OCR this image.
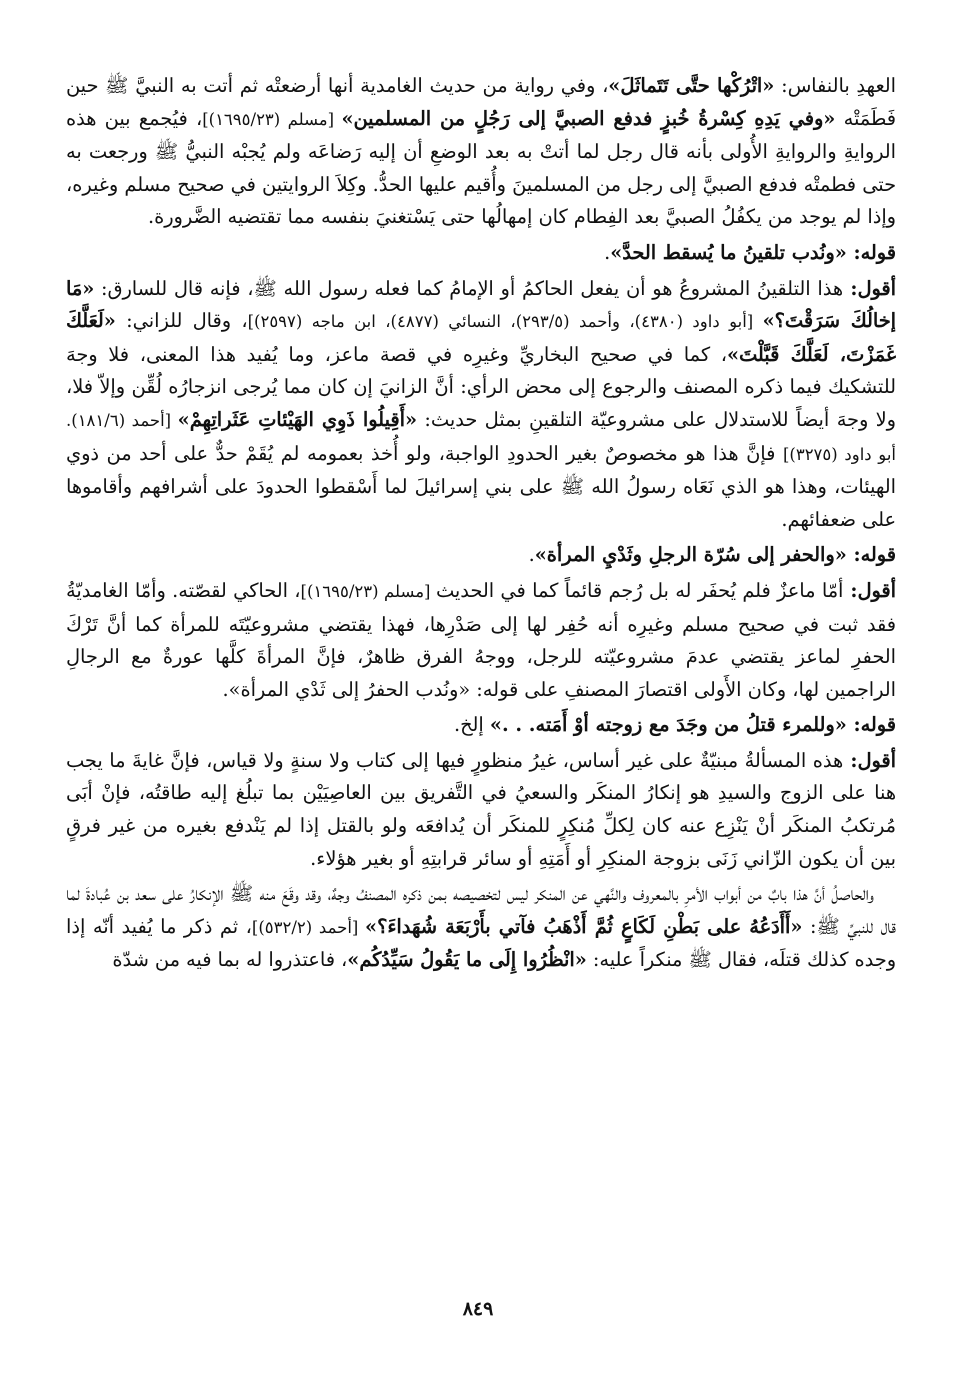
العهدِ بالنفاس: «اتْرُكْها حتَّى تَتَماثَلَ»، وفي رواية من حديث الغامدية أنها أرضعتْه ثم أتت به النبيَّ ﷺ حين فَطَمَتْه «وفي يَدِهِ كِسْرةُ خُبزٍ فدفع الصبيَّ إلى رَجُلٍ من المسلمين» [مسلم (١٦٩٥/٢٣)]، فيُجمع بين هذه الروايةِ والروايةِ الأُولى بأنه قال رجل لما أتتْ به بعد الوضعِ أن إليه رَضاعَه ولم يُجبْه النبيُّ ﷺ ورجعت به حتى فطمتْه فدفع الصبيَّ إلى رجل من المسلمينَ وأُقيم عليها الحدُّ. وكِلاَ الروايتين في صحيح مسلم وغيره، وإذا لم يوجد من يكفُلُ الصبيَّ بعد الفِطام كان إمهالُها حتى يَسْتغنيَ بنفسه مما تقتضيه الضَّرورة.

قوله: «ونُدب تلقينُ ما يُسقط الحدَّ».

أقول: هذا التلقينُ المشروعُ هو أن يفعل الحاكمُ أو الإمامُ كما فعله رسول الله ﷺ، فإنه قال للسارق: «مَا إخالُكَ سَرَقْتَ؟» [أبو داود (٤٣٨٠)، وأحمد (٢٩٣/٥)، النسائي (٤٨٧٧)، ابن ماجه (٢٥٩٧)]، وقال للزاني: «لَعَلَّكَ غَمَزْتَ، لَعَلَّكَ قَبَّلْتَ»، كما في صحيح البخاريِّ وغيرِه في قصة ماعز، وما يُفيد هذا المعنى، فلا وجهَ للتشكيك فيما ذكره المصنف والرجوع إلى محض الرأي: أنَّ الزانيَ إن كان مما يُرجى انزجارُه لُقِّن وإلاّ فلا، ولا وجهَ أيضاً للاستدلال على مشروعيّة التلقينِ بمثل حديث: «أَقِيلُوا ذَوِي الهَيْئاتِ عَثَراتِهِمْ» [أحمد (١٨١/٦). أبو داود (٣٢٧٥)] فإنَّ هذا هو مخصوصٌ بغير الحدودِ الواجبة، ولو أُخذ بعمومه لم يُقَمْ حدٌّ على أحد من ذوي الهيئات، وهذا هو الذي نَعَاه رسولُ الله ﷺ على بني إسرائيلَ لما أَسْقطوا الحدودَ على أشرافهم وأقاموها على ضعفائهم.

قوله: «والحفر إلى سُرّة الرجلِ وثَدْيِ المرأة».

أقول: أمّا ماعزٌ فلم يُحفَر له بل رُجم قائماً كما في الحديث [مسلم (١٦٩٥/٢٣)]، الحاكي لقصّته. وأمّا الغامديّةُ فقد ثبت في صحيح مسلم وغيرِه أنه حُفِر لها إلى صَدْرِها، فهذا يقتضي مشروعيّتَه للمرأة كما أنَّ تَرْكَ الحفرِ لماعز يقتضي عدمَ مشروعيّته للرجل، ووجهُ الفرق ظاهرٌ، فإنَّ المرأةَ كلَّها عورةٌ مع الرجالِ الراجمين لها، وكان الأَولى اقتصارَ المصنفِ على قوله: «ونُدب الحفرُ إلى ثَدْي المرأة».

قوله: «وللمرء قتلُ من وجَدَ مع زوجته أوْ أَمَته. . .» إلخ.

أقول: هذه المسألةُ مبنيّةٌ على غير أساس، غيرُ منظورٍ فيها إلى كتاب ولا سنةٍ ولا قياس، فإنَّ غايةَ ما يجب هنا على الزوج والسيدِ هو إنكارُ المنكَر والسعيُ في التَّفريق بين العاصِيَيْن بما تبلُغ إليه طاقتُه، فإنْ أبَى مُرتكبُ المنكَر أنْ يَنْزِع عنه كان لِكلِّ مُنكِرٍ للمنكَر أن يُدافعَه ولو بالقتل إذا لم يَنْدفع بغيره من غير فرقٍ بين أن يكون الزّاني زَنَى بزوجة المنكِرِ أو أَمَتِهِ أو سائر قرابتِهِ أو بغير هؤلاء.

والحاصلُ أنَّ هذا بابٌ من أبواب الأمرِ بالمعروف والنَّهي عن المنكر ليس لتخصيصه بمن ذكره المصنفُ وجهٌ، وقد وقَعَ منه ﷺ الإنكارُ على سعد بن عُبادةَ لما قال للنبيِّ ﷺ: «أَأَدَعُهُ على بَطْنِ لَكَاعٍ ثُمَّ أَذْهَبُ فآتي بأَرْبَعَة شُهَداءَ؟» [أحمد (٥٣٢/٢)]، ثم ذكر ما يُفيد أنّه إذا وجده كذلك قتلَه، فقال ﷺ منكراً عليه: «انْظُرُوا إِلَى ما يَقُولُ سَيِّدُكُم»، فاعتذروا له بما فيه من شدّة

٨٤٩
